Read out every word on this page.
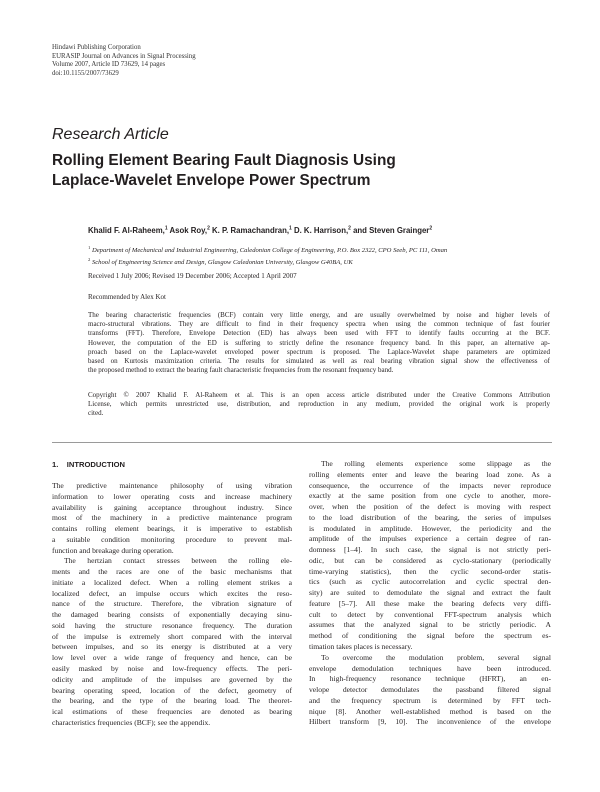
Hindawi Publishing Corporation
EURASIP Journal on Advances in Signal Processing
Volume 2007, Article ID 73629, 14 pages
doi:10.1155/2007/73629
Research Article
Rolling Element Bearing Fault Diagnosis Using
Laplace-Wavelet Envelope Power Spectrum
Khalid F. Al-Raheem,$^1$ Asok Roy,$^2$ K. P. Ramachandran,$^1$ D. K. Harrison,$^2$ and Steven Grainger$^2$
$^1$ Department of Mechanical and Industrial Engineering, Caledonian College of Engineering, P.O. Box 2322, CPO Seeb, PC 111, Oman
$^2$ School of Engineering Science and Design, Glasgow Caledonian University, Glasgow G40BA, UK
Received 1 July 2006; Revised 19 December 2006; Accepted 1 April 2007
Recommended by Alex Kot
The bearing characteristic frequencies (BCF) contain very little energy, and are usually overwhelmed by noise and higher levels of
macro-structural vibrations. They are difficult to find in their frequency spectra when using the common technique of fast fourier
transforms (FFT). Therefore, Envelope Detection (ED) has always been used with FFT to identify faults occurring at the BCF.
However, the computation of the ED is suffering to strictly define the resonance frequency band. In this paper, an alternative ap-
proach based on the Laplace-wavelet enveloped power spectrum is proposed. The Laplace-Wavelet shape parameters are optimized
based on Kurtosis maximization criteria. The results for simulated as well as real bearing vibration signal show the effectiveness of
the proposed method to extract the bearing fault characteristic frequencies from the resonant frequency band.
Copyright © 2007 Khalid F. Al-Raheem et al. This is an open access article distributed under the Creative Commons Attribution
License, which permits unrestricted use, distribution, and reproduction in any medium, provided the original work is properly
cited.
1. INTRODUCTION
The predictive maintenance philosophy of using vibration
information to lower operating costs and increase machinery
availability is gaining acceptance throughout industry. Since
most of the machinery in a predictive maintenance program
contains rolling element bearings, it is imperative to establish
a suitable condition monitoring procedure to prevent mal-
function and breakage during operation.
The hertzian contact stresses between the rolling ele-
ments and the races are one of the basic mechanisms that
initiate a localized defect. When a rolling element strikes a
localized defect, an impulse occurs which excites the reso-
nance of the structure. Therefore, the vibration signature of
the damaged bearing consists of exponentially decaying sinu-
soid having the structure resonance frequency. The duration
of the impulse is extremely short compared with the interval
between impulses, and so its energy is distributed at a very
low level over a wide range of frequency and hence, can be
easily masked by noise and low-frequency effects. The peri-
odicity and amplitude of the impulses are governed by the
bearing operating speed, location of the defect, geometry of
the bearing, and the type of the bearing load. The theoret-
ical estimations of these frequencies are denoted as bearing
characteristics frequencies (BCF); see the appendix.
The rolling elements experience some slippage as the
rolling elements enter and leave the bearing load zone. As a
consequence, the occurrence of the impacts never reproduce
exactly at the same position from one cycle to another, more-
over, when the position of the defect is moving with respect
to the load distribution of the bearing, the series of impulses
is modulated in amplitude. However, the periodicity and the
amplitude of the impulses experience a certain degree of ran-
domness [1–4]. In such case, the signal is not strictly peri-
odic, but can be considered as cyclo-stationary (periodically
time-varying statistics), then the cyclic second-order statis-
tics (such as cyclic autocorrelation and cyclic spectral den-
sity) are suited to demodulate the signal and extract the fault
feature [5–7]. All these make the bearing defects very diffi-
cult to detect by conventional FFT-spectrum analysis which
assumes that the analyzed signal to be strictly periodic. A
method of conditioning the signal before the spectrum es-
timation takes places is necessary.
To overcome the modulation problem, several signal
envelope demodulation techniques have been introduced.
In high-frequency resonance technique (HFRT), an en-
velope detector demodulates the passband filtered signal
and the frequency spectrum is determined by FFT tech-
nique [8]. Another well-established method is based on the
Hilbert transform [9, 10]. The inconvenience of the envelope
